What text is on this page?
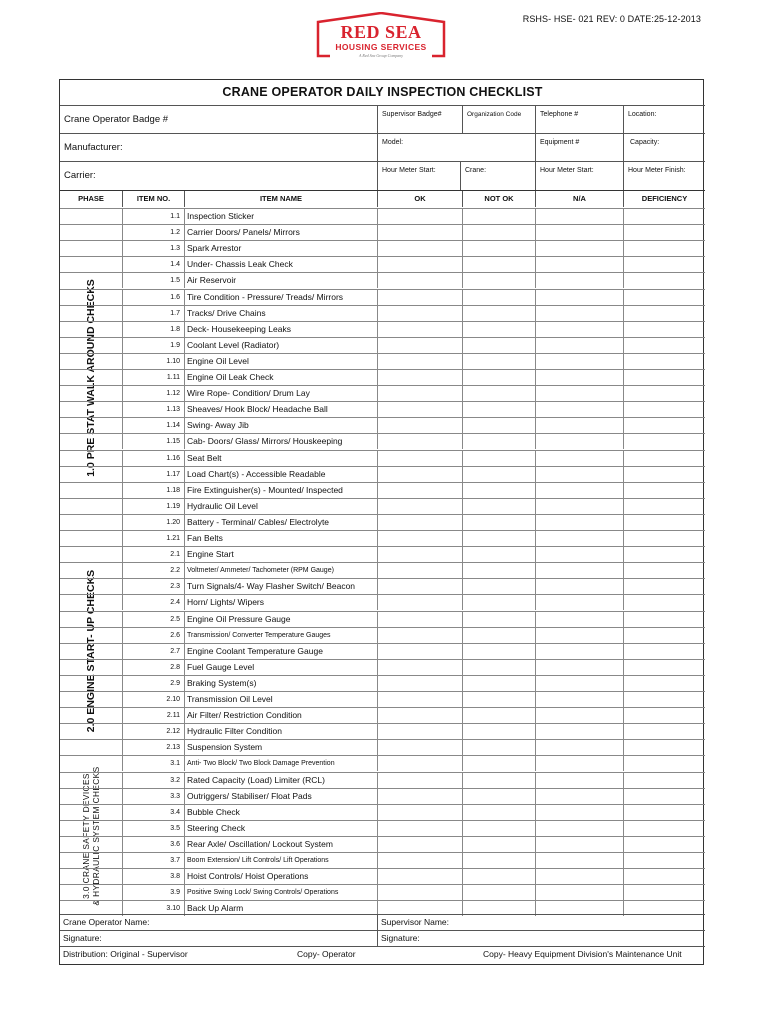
RSHS- HSE- 021 REV: 0 DATE:25-12-2013
RED SEA
HOUSING SERVICES
A Red Sea Group Company
CRANE OPERATOR DAILY INSPECTION CHECKLIST
Crane Operator Badge #	Supervisor Badge#	Organization Code	Telephone #	Location:
Manufacturer:	Model:	Equipment #	Capacity:
Carrier:	Hour Meter Start:	Crane:	Hour Meter Start:	Hour Meter Finish:
PHASE	ITEM NO.	ITEM NAME	OK	NOT OK	N/A	DEFICIENCY
1.0 PRE STAT WALK AROUND CHECKS
1.1 Inspection Sticker
1.2 Carrier Doors/ Panels/ Mirrors
1.3 Spark Arrestor
1.4 Under- Chassis Leak Check
1.5 Air Reservoir
1.6 Tire Condition - Pressure/ Treads/ Mirrors
1.7 Tracks/ Drive Chains
1.8 Deck- Housekeeping Leaks
1.9 Coolant Level (Radiator)
1.10 Engine Oil Level
1.11 Engine Oil Leak Check
1.12 Wire Rope- Condition/ Drum Lay
1.13 Sheaves/ Hook Block/ Headache Ball
1.14 Swing- Away Jib
1.15 Cab- Doors/ Glass/ Mirrors/ Houskeeping
1.16 Seat Belt
1.17 Load Chart(s) - Accessible Readable
1.18 Fire Extinguisher(s) - Mounted/ Inspected
1.19 Hydraulic Oil Level
1.20 Battery - Terminal/ Cables/ Electrolyte
1.21 Fan Belts
2.0 ENGINE START- UP CHECKS
2.1 Engine Start
2.2	Voltmeter/ Ammeter/ Tachometer (RPM Gauge)
2.3 Turn Signals/4- Way Flasher Switch/ Beacon
2.4 Horn/ Lights/ Wipers
2.5 Engine Oil Pressure Gauge
2.6	Transmission/ Converter Temperature Gauges
2.7 Engine Coolant Temperature Gauge
2.8 Fuel Gauge Level
2.9 Braking System(s)
2.10 Transmission Oil Level
2.11 Air Filter/ Restriction Condition
2.12 Hydraulic Filter Condition
2.13 Suspension System
3.0 CRANE SAFETY DEVICES & HYDRAULIC SYSTEM CHECKS
3.1	Anti- Two Block/ Two Block Damage Prevention
3.2 Rated Capacity (Load) Limiter (RCL)
3.3 Outriggers/ Stabiliser/ Float Pads
3.4 Bubble Check
3.5 Steering Check
3.6 Rear Axle/ Oscillation/ Lockout System
3.7	Boom Extension/ Lift Controls/ Lift Operations
3.8 Hoist Controls/ Hoist Operations
3.9	Positive Swing Lock/ Swing Controls/ Operations
3.10 Back Up Alarm
Crane Operator Name:	Supervisor Name:
Signature:	Signature:
Distribution: Original - Supervisor	Copy- Operator	Copy- Heavy Equipment Division's Maintenance Unit
